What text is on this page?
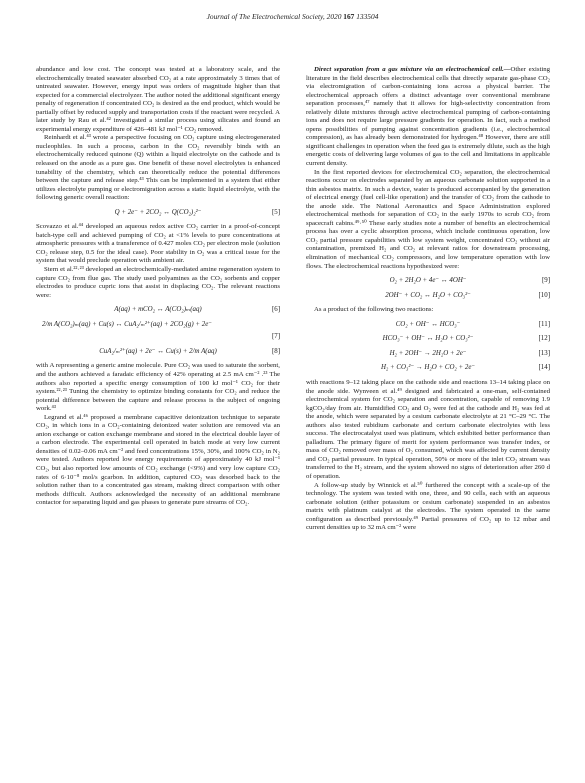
Journal of The Electrochemical Society, 2020 167 133504

abundance and low cost. The concept was tested at a laboratory scale, and the electrochemically treated seawater absorbed CO₂ at a rate approximately 3 times that of untreated seawater. However, energy input was orders of magnitude higher than that expected for a commercial electrolyzer. The author noted the additional significant energy penalty of regeneration if concentrated CO₂ is desired as the end product, which would be partially offset by reduced supply and transportation costs if the reactant were recycled. A later study by Rau et al.⁴² investigated a similar process using silicates and found an experimental energy expenditure of 426–481 kJ mol⁻¹ CO₂ removed.

Reinhardt et al.⁴³ wrote a perspective focusing on CO₂ capture using electrogenerated nucleophiles. In such a process, carbon in the CO₂ reversibly binds with an electrochemically reduced quinone (Q) within a liquid electrolyte on the cathode and is released on the anode as a pure gas. One benefit of these novel electrolytes is enhanced tunability of the chemistry, which can theoretically reduce the potential differences between the capture and release step.⁴³ This can be implemented in a system that either utilizes electrolyte pumping or electromigration across a static liquid electrolyte, with the following generic overall reaction:

Q + 2e⁻ + 2CO₂ ↔ Q(CO₂)₂²⁻	[5]

Scovazzo et al.⁴⁴ developed an aqueous redox active CO₂ carrier in a proof-of-concept batch-type cell and achieved pumping of CO₂ at <1% levels to pure concentrations at atmospheric pressures with a transference of 0.427 moles CO₂ per electron mole (solution CO₂ release step, 0.5 for the ideal case). Poor stability in O₂ was a critical issue for the system that would preclude operation with ambient air.

Stern et al.²²·²³ developed an electrochemically-mediated amine regeneration system to capture CO₂ from flue gas. The study used polyamines as the CO₂ sorbents and copper electrodes to produce cupric ions that assist in displacing CO₂. The relevant reactions were:

A(aq) + mCO₂ ↔ A(CO₂)ₘ(aq)	[6]
2/m A(CO₂)ₘ(aq) + Cu(s) ↔ CuA₂/ₘ²⁺(aq) + 2CO₂(g) + 2e⁻
[7]

CuA₂/ₘ²⁺(aq) + 2e⁻ ↔ Cu(s) + 2/m A(aq)	[8]

with A representing a generic amine molecule. Pure CO₂ was used to saturate the sorbent, and the authors achieved a faradaic efficiency of 42% operating at 2.5 mA cm⁻² .²³ The authors also reported a specific energy consumption of 100 kJ mol⁻¹ CO₂ for their system.²²·²³ Tuning the chemistry to optimize binding constants for CO₂ and reduce the potential difference between the capture and release process is the subject of ongoing work.⁴³

Legrand et al.⁴⁶ proposed a membrane capacitive deionization technique to separate CO₂, in which ions in a CO₂-containing deionized water solution are removed via an anion exchange or cation exchange membrane and stored in the electrical double layer of a carbon electrode. The experimental cell operated in batch mode at very low current densities of 0.02–0.06 mA cm⁻² and feed concentrations 15%, 30%, and 100% CO₂ in N₂ were tested. Authors reported low energy requirements of approximately 40 kJ mol⁻¹ CO₂, but also reported low amounts of CO₂ exchange (<9%) and very low capture CO₂ rates of 6·10⁻⁸ mol/s gcarbon. In addition, captured CO₂ was desorbed back to the solution rather than to a concentrated gas stream, making direct comparison with other methods difficult. Authors acknowledged the necessity of an additional membrane contactor for separating liquid and gas phases to generate pure streams of CO₂.

Direct separation from a gas mixture via an electrochemical cell.—Other existing literature in the field describes electrochemical cells that directly separate gas-phase CO₂ via electromigration of carbon-containing ions across a physical barrier. The electrochemical approach offers a distinct advantage over conventional membrane separation processes,⁴⁷ namely that it allows for high-selectivity concentration from relatively dilute mixtures through active electrochemical pumping of carbon-containing ions and does not require large pressure gradients for operation. In fact, such a method opens possibilities of pumping against concentration gradients (i.e., electrochemical compression), as has already been demonstrated for hydrogen.⁴⁸ However, there are still significant challenges in operation when the feed gas is extremely dilute, such as the high energetic costs of delivering large volumes of gas to the cell and limitations in applicable current density.

In the first reported devices for electrochemical CO₂ separation, the electrochemical reactions occur on electrodes separated by an aqueous carbonate solution supported in a thin asbestos matrix. In such a device, water is produced accompanied by the generation of electrical energy (fuel cell-like operation) and the transfer of CO₂ from the cathode to the anode side. The National Aeronautics and Space Administration explored electrochemical methods for separation of CO₂ in the early 1970s to scrub CO₂ from spacecraft cabins.⁴⁹·⁵⁰ These early studies note a number of benefits an electrochemical process has over a cyclic absorption process, which include continuous operation, low CO₂ partial pressure capabilities with low system weight, concentrated CO₂ without air contamination, premixed H₂ and CO₂ at relevant ratios for downstream processing, elimination of mechanical CO₂ compressors, and low temperature operation with low flows. The electrochemical reactions hypothesized were:

O₂ + 2H₂O + 4e⁻ ↔ 4OH⁻	[9]
2OH⁻ + CO₂ ↔ H₂O + CO₃²⁻	[10]

As a product of the following two reactions:

CO₂ + OH⁻ ↔ HCO₃⁻	[11]
HCO₃⁻ + OH⁻ ↔ H₂O + CO₃²⁻	[12]
H₂ + 2OH⁻ → 2H₂O + 2e⁻	[13]
H₂ + CO₃²⁻ → H₂O + CO₂ + 2e⁻	[14]

with reactions 9–12 taking place on the cathode side and reactions 13–14 taking place on the anode side. Wynveen et al.⁴⁹ designed and fabricated a one-man, self-contained electrochemical system for CO₂ separation and concentration, capable of removing 1.9 kgCO₂/day from air. Humidified CO₂ and O₂ were fed at the cathode and H₂ was fed at the anode, which were separated by a cesium carbonate electrolyte at 21 °C–29 °C. The authors also tested rubidium carbonate and cerium carbonate electrolytes with less success. The electrocatalyst used was platinum, which exhibited better performance than palladium. The primary figure of merit for system performance was transfer index, or mass of CO₂ removed over mass of O₂ consumed, which was affected by current density and CO₂ partial pressure. In typical operation, 50% or more of the inlet CO₂ stream was transferred to the H₂ stream, and the system showed no signs of deterioration after 260 d of operation.

A follow-up study by Winnick et al.⁵⁰ furthered the concept with a scale-up of the technology. The system was tested with one, three, and 90 cells, each with an aqueous carbonate solution (either potassium or cesium carbonate) suspended in an asbestos matrix with platinum catalyst at the electrodes. The system operated in the same configuration as described previously.⁴⁹ Partial pressures of CO₂ up to 12 mbar and current densities up to 32 mA cm⁻² were
